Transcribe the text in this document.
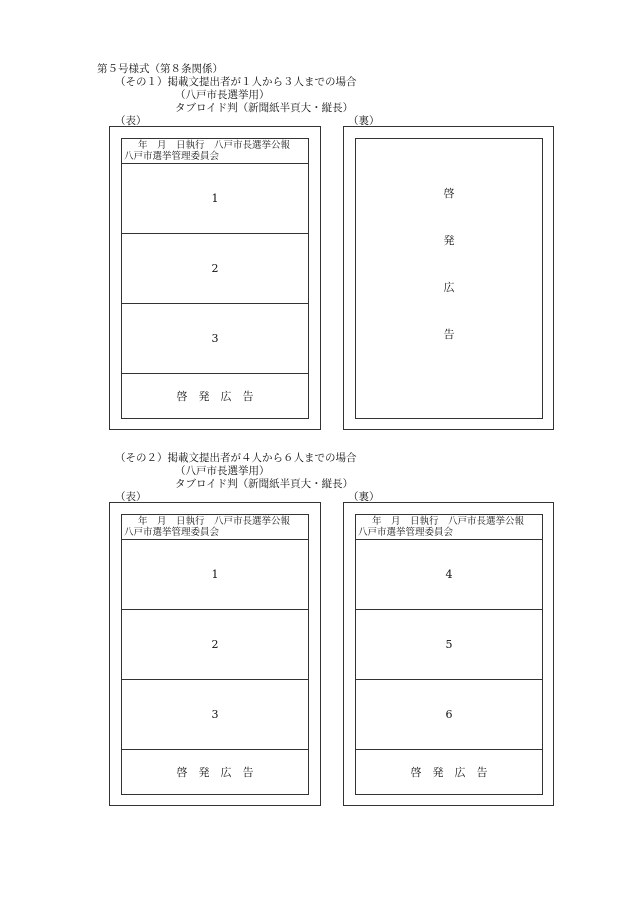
第５号様式（第８条関係）
（その１）掲載文提出者が１人から３人までの場合
（八戸市長選挙用）
タブロイド判（新聞紙半頁大・縦長）
（表）	（裏）
年　月　日執行　八戸市長選挙公報
八戸市選挙管理委員会
1
2
3
啓発広告
啓
発
広
告
（その２）掲載文提出者が４人から６人までの場合
（八戸市長選挙用）
タブロイド判（新聞紙半頁大・縦長）
（表）	（裏）
年　月　日執行　八戸市長選挙公報
八戸市選挙管理委員会
1
2
3
啓発広告
年　月　日執行　八戸市長選挙公報
八戸市選挙管理委員会
4
5
6
啓発広告
